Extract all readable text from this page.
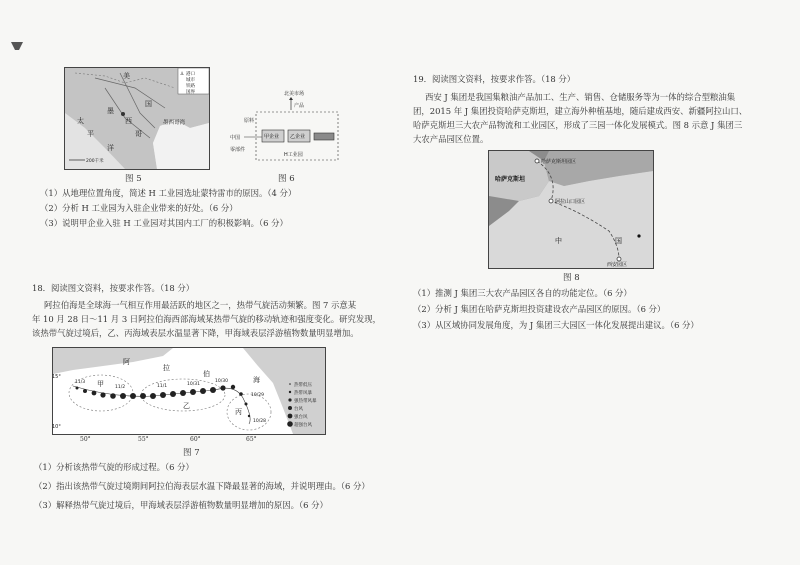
⚓ 港口
城市
铁路
国界
美
太
平
洋
西
哥
墨
国
墨西哥湾
200千米
图 5
北美市场
产品
原料
中国
零部件
甲企业 乙企业
H工业园
图 6
（1）从地理位置角度，简述 H 工业园选址蒙特雷市的原因。（4 分）
（2）分析 H 工业园为入驻企业带来的好处。（6 分）
（3）说明甲企业入驻 H 工业园对其国内工厂的积极影响。（6 分）
18．阅读图文资料，按要求作答。（18 分）
阿拉伯海是全球海一气相互作用最活跃的地区之一，热带气旋活动频繁。图 7 示意某
年 10 月 28 日～11 月 3 日阿拉伯海西部海域某热带气旋的移动轨迹和强度变化。研究发现，
该热带气旋过境后，乙、丙海域表层水温显著下降，甲海域表层浮游植物数量明显增加。
阿
拉
伯
海
甲
乙
丙
11/3
11/2	11/1	10/31
10/30
10/29
10/28
15°
10°
热带低压
热带风暴
强热带风暴
台风
强台风
超强台风
50°	55°	60°	65°
图 7
（1）分析该热带气旋的形成过程。（6 分）
（2）指出该热带气旋过境期间阿拉伯海表层水温下降最显著的海域，并说明理由。（6 分）
（3）解释热带气旋过境后，甲海域表层浮游植物数量明显增加的原因。（6 分）
19．阅读图文资料，按要求作答。（18 分）
西安 J 集团是我国集粮油产品加工、生产、销售、仓储服务等为一体的综合型粮油集
团，2015 年 J 集团投资哈萨克斯坦，建立海外种植基地，随后建成西安、新疆阿拉山口、
哈萨克斯坦三大农产品物流和工业园区，形成了三园一体化发展模式。图 8 示意 J 集团三
大农产品园区位置。
哈萨克斯坦园区
哈萨克斯坦
阿拉山口园区
中	国
西安园区
图 8
（1）推测 J 集团三大农产品园区各自的功能定位。（6 分）
（2）分析 J 集团在哈萨克斯坦投资建设农产品园区的原因。（6 分）
（3）从区域协同发展角度，为 J 集团三大园区一体化发展提出建议。（6 分）
